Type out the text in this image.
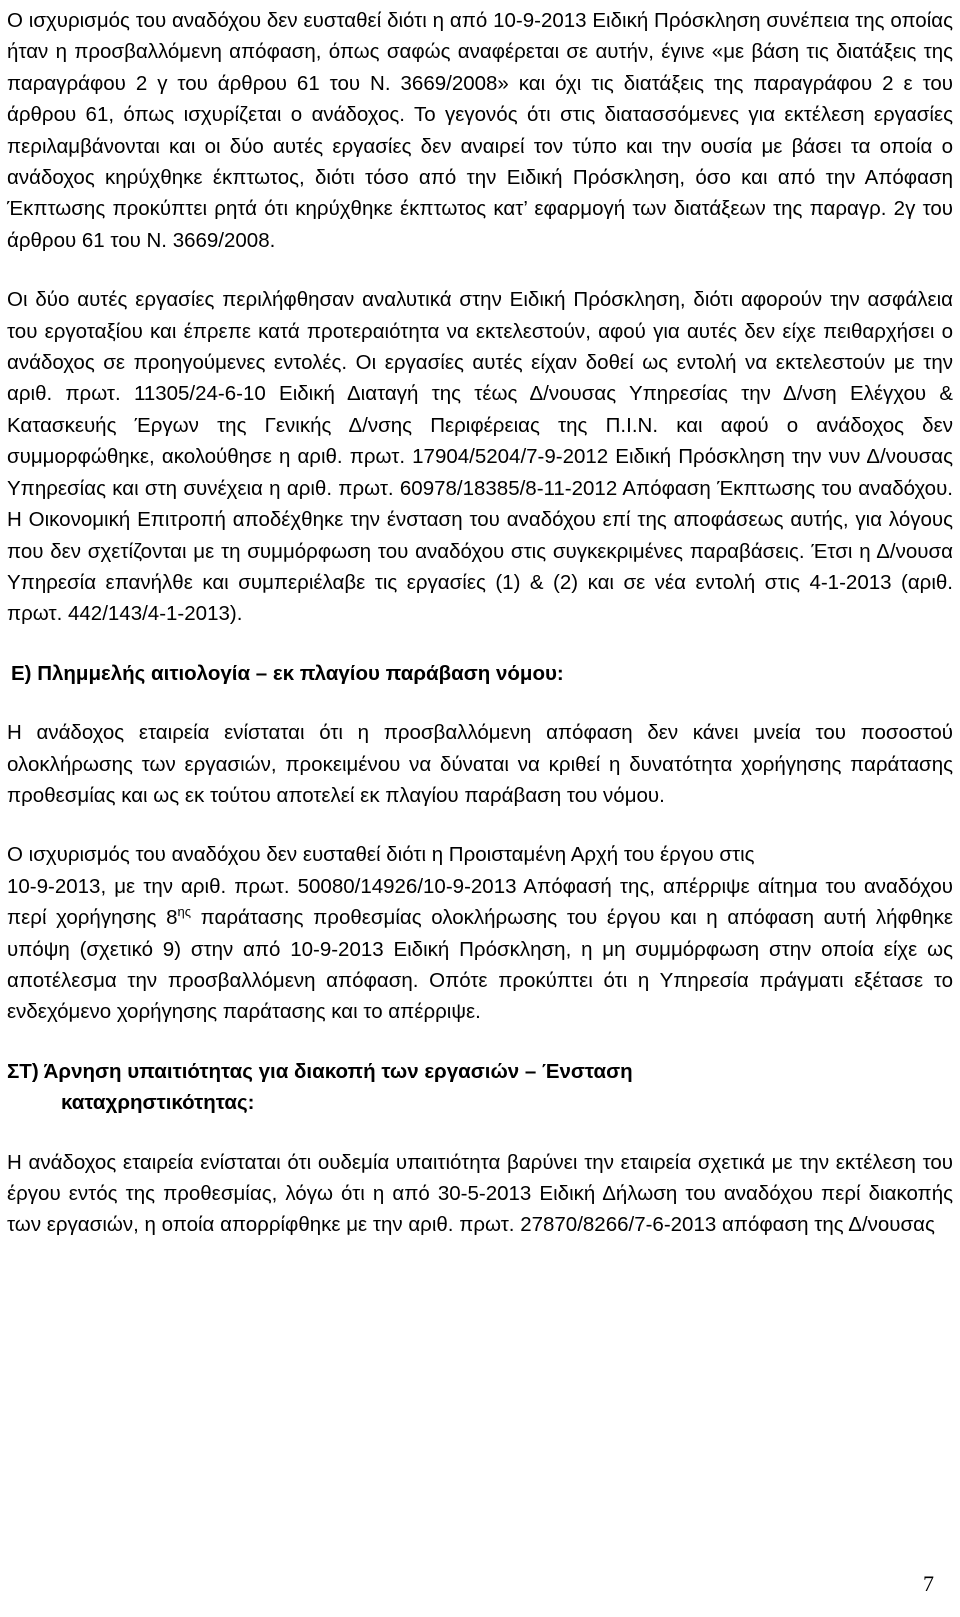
Ο ισχυρισμός του αναδόχου δεν ευσταθεί διότι η από 10-9-2013 Ειδική Πρόσκληση συνέπεια της οποίας ήταν η προσβαλλόμενη απόφαση, όπως σαφώς αναφέρεται σε αυτήν, έγινε «με βάση τις διατάξεις της παραγράφου 2 γ του άρθρου 61 του Ν. 3669/2008» και όχι τις διατάξεις της παραγράφου 2 ε του άρθρου 61, όπως ισχυρίζεται ο ανάδοχος. Το γεγονός ότι στις διατασσόμενες για εκτέλεση εργασίες περιλαμβάνονται και οι δύο αυτές εργασίες δεν αναιρεί τον τύπο και την ουσία με βάσει τα οποία ο ανάδοχος κηρύχθηκε έκπτωτος, διότι τόσο από την Ειδική Πρόσκληση, όσο και από την Απόφαση Έκπτωσης προκύπτει ρητά ότι κηρύχθηκε έκπτωτος κατ’ εφαρμογή των διατάξεων της παραγρ. 2γ του άρθρου 61 του Ν. 3669/2008.

Οι δύο αυτές εργασίες περιλήφθησαν αναλυτικά στην Ειδική Πρόσκληση, διότι αφορούν την ασφάλεια του εργοταξίου και έπρεπε κατά προτεραιότητα να εκτελεστούν, αφού για αυτές δεν είχε πειθαρχήσει ο ανάδοχος σε προηγούμενες εντολές. Οι εργασίες αυτές είχαν δοθεί ως εντολή να εκτελεστούν με την αριθ. πρωτ. 11305/24-6-10 Ειδική Διαταγή της τέως Δ/νουσας Υπηρεσίας την Δ/νση Ελέγχου & Κατασκευής Έργων της Γενικής Δ/νσης Περιφέρειας της Π.Ι.Ν. και αφού ο ανάδοχος δεν συμμορφώθηκε, ακολούθησε η αριθ. πρωτ. 17904/5204/7-9-2012 Ειδική Πρόσκληση την νυν Δ/νουσας Υπηρεσίας και στη συνέχεια η αριθ. πρωτ. 60978/18385/8-11-2012 Απόφαση Έκπτωσης του αναδόχου. Η Οικονομική Επιτροπή αποδέχθηκε την ένσταση του αναδόχου επί της αποφάσεως αυτής, για λόγους που δεν σχετίζονται με τη συμμόρφωση του αναδόχου στις συγκεκριμένες παραβάσεις. Έτσι η Δ/νουσα Υπηρεσία επανήλθε και συμπεριέλαβε τις εργασίες (1) & (2) και σε νέα εντολή στις 4-1-2013 (αριθ. πρωτ. 442/143/4-1-2013).

Ε) Πλημμελής αιτιολογία – εκ πλαγίου παράβαση νόμου:

Η ανάδοχος εταιρεία ενίσταται ότι η προσβαλλόμενη απόφαση δεν κάνει μνεία του ποσοστού ολοκλήρωσης των εργασιών, προκειμένου να δύναται να κριθεί η δυνατότητα χορήγησης παράτασης προθεσμίας και ως εκ τούτου αποτελεί εκ πλαγίου παράβαση του νόμου.

Ο ισχυρισμός του αναδόχου δεν ευσταθεί διότι η Προισταμένη Αρχή του έργου στις
10-9-2013, με την αριθ. πρωτ. 50080/14926/10-9-2013 Απόφασή της, απέρριψε αίτημα του αναδόχου περί χορήγησης $8^{\eta\varsigma}$ παράτασης προθεσμίας ολοκλήρωσης του έργου και η απόφαση αυτή λήφθηκε υπόψη (σχετικό 9) στην από 10-9-2013 Ειδική Πρόσκληση, η μη συμμόρφωση στην οποία είχε ως αποτέλεσμα την προσβαλλόμενη απόφαση. Οπότε προκύπτει ότι η Υπηρεσία πράγματι εξέτασε το ενδεχόμενο χορήγησης παράτασης και το απέρριψε.

ΣΤ) Άρνηση υπαιτιότητας για διακοπή των εργασιών – Ένσταση
καταχρηστικότητας:

Η ανάδοχος εταιρεία ενίσταται ότι ουδεμία υπαιτιότητα βαρύνει την εταιρεία σχετικά με την εκτέλεση του έργου εντός της προθεσμίας, λόγω ότι η από 30-5-2013 Ειδική Δήλωση του αναδόχου περί διακοπής των εργασιών, η οποία απορρίφθηκε με την αριθ. πρωτ. 27870/8266/7-6-2013 απόφαση της Δ/νουσας

7
